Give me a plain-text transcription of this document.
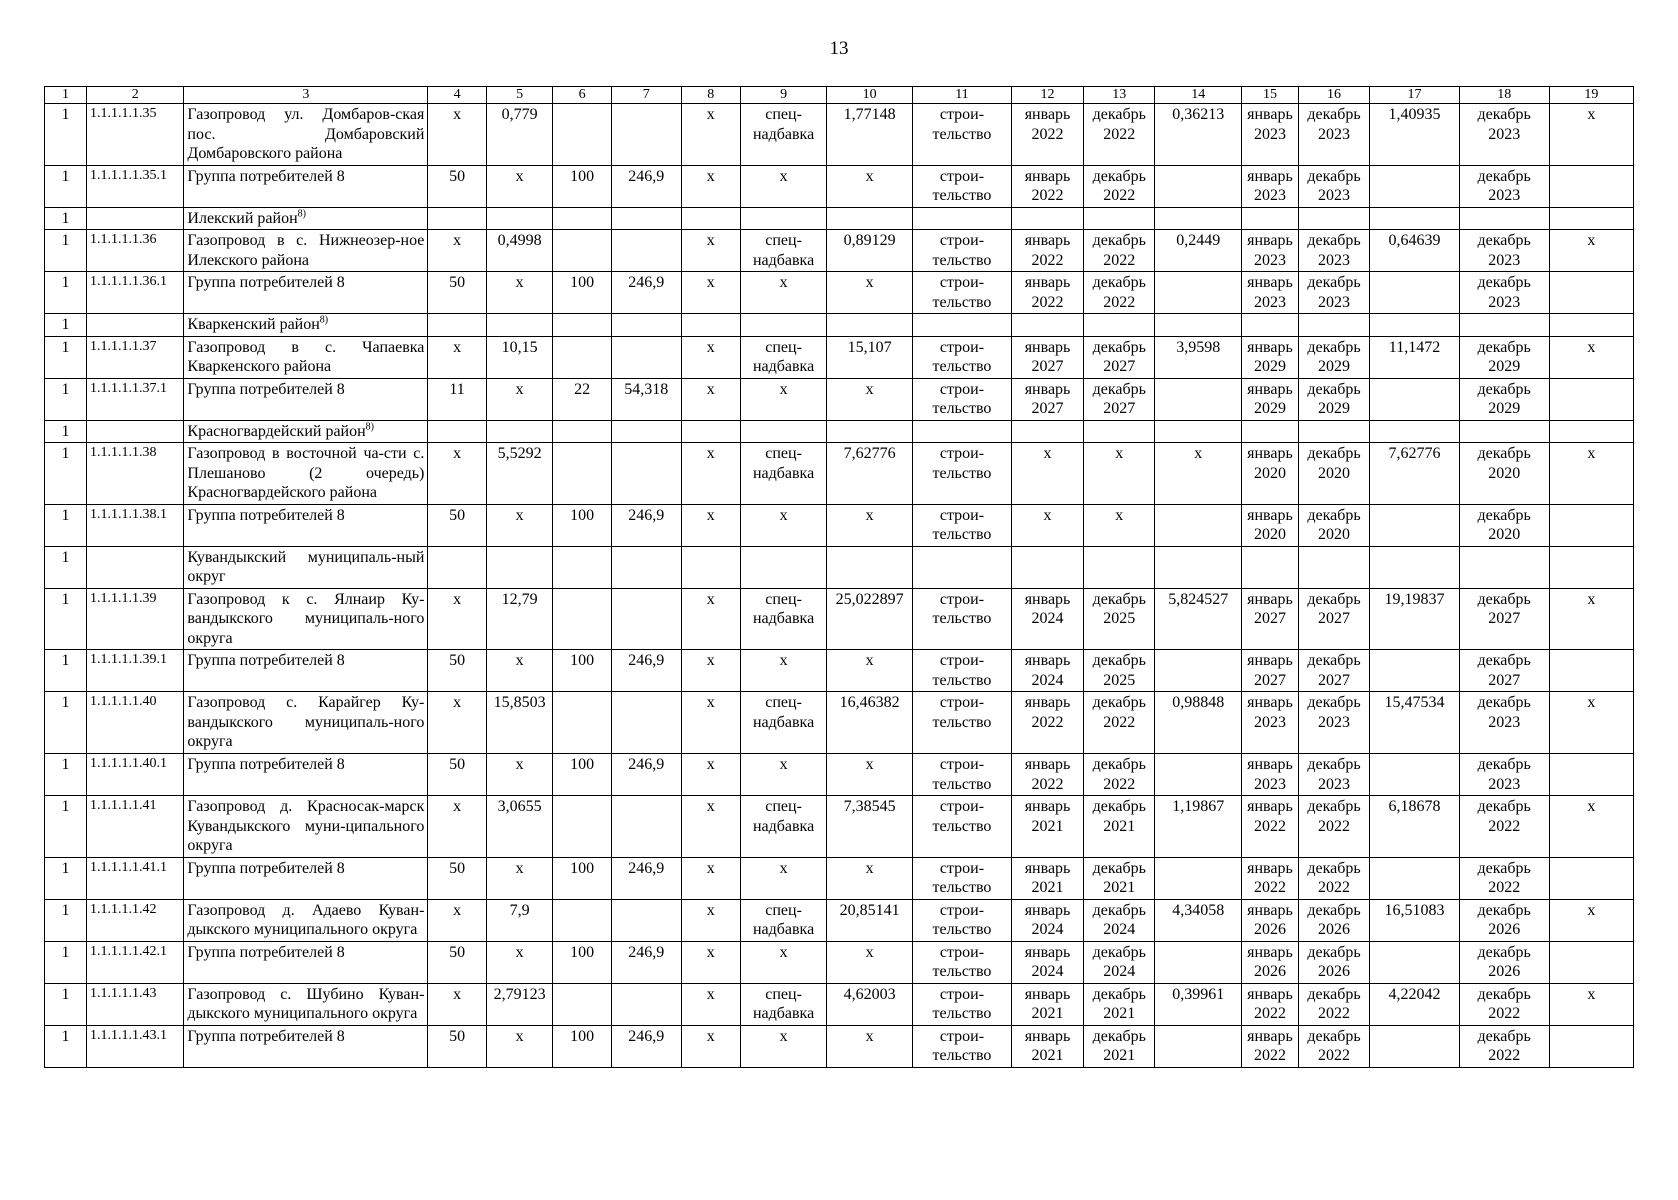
13
1	2	3	4	5	6	7	8	9	10	11	12	13	14	15	16	17	18	19
1	1.1.1.1.1.35	Газопровод ул. Домбаров-ская пос. Домбаровский Домбаровского района	х	0,779			х	спец-надбавка	1,77148	строи-тельство	январь 2022	декабрь 2022	0,36213	январь 2023	декабрь 2023	1,40935	декабрь 2023	х
1	1.1.1.1.1.35.1	Группа потребителей 8	50	х	100	246,9	х	х	х	строи-тельство	январь 2022	декабрь 2022		январь 2023	декабрь 2023		декабрь 2023	
1		Илекский район$^{8)}$																
1	1.1.1.1.1.36	Газопровод в с. Нижнеозер-ное Илекского района	х	0,4998			х	спец-надбавка	0,89129	строи-тельство	январь 2022	декабрь 2022	0,2449	январь 2023	декабрь 2023	0,64639	декабрь 2023	х
1	1.1.1.1.1.36.1	Группа потребителей 8	50	х	100	246,9	х	х	х	строи-тельство	январь 2022	декабрь 2022		январь 2023	декабрь 2023		декабрь 2023	
1		Кваркенский район$^{8)}$																
1	1.1.1.1.1.37	Газопровод в с. Чапаевка Кваркенского района	х	10,15			х	спец-надбавка	15,107	строи-тельство	январь 2027	декабрь 2027	3,9598	январь 2029	декабрь 2029	11,1472	декабрь 2029	х
1	1.1.1.1.1.37.1	Группа потребителей 8	11	х	22	54,318	х	х	х	строи-тельство	январь 2027	декабрь 2027		январь 2029	декабрь 2029		декабрь 2029	
1		Красногвардейский район$^{8)}$																
1	1.1.1.1.1.38	Газопровод в восточной ча-сти с. Плешаново (2 очередь) Красногвардейского района	х	5,5292			х	спец-надбавка	7,62776	строи-тельство	х	х	х	январь 2020	декабрь 2020	7,62776	декабрь 2020	х
1	1.1.1.1.1.38.1	Группа потребителей 8	50	х	100	246,9	х	х	х	строи-тельство	х	х		январь 2020	декабрь 2020		декабрь 2020	
1		Кувандыкский муниципаль-ный округ																
1	1.1.1.1.1.39	Газопровод к с. Ялнаир Ку-вандыкского муниципаль-ного округа	х	12,79			х	спец-надбавка	25,022897	строи-тельство	январь 2024	декабрь 2025	5,824527	январь 2027	декабрь 2027	19,19837	декабрь 2027	х
1	1.1.1.1.1.39.1	Группа потребителей 8	50	х	100	246,9	х	х	х	строи-тельство	январь 2024	декабрь 2025		январь 2027	декабрь 2027		декабрь 2027	
1	1.1.1.1.1.40	Газопровод с. Карайгер Ку-вандыкского муниципаль-ного округа	х	15,8503			х	спец-надбавка	16,46382	строи-тельство	январь 2022	декабрь 2022	0,98848	январь 2023	декабрь 2023	15,47534	декабрь 2023	х
1	1.1.1.1.1.40.1	Группа потребителей 8	50	х	100	246,9	х	х	х	строи-тельство	январь 2022	декабрь 2022		январь 2023	декабрь 2023		декабрь 2023	
1	1.1.1.1.1.41	Газопровод д. Красносак-марск Кувандыкского муни-ципального округа	х	3,0655			х	спец-надбавка	7,38545	строи-тельство	январь 2021	декабрь 2021	1,19867	январь 2022	декабрь 2022	6,18678	декабрь 2022	х
1	1.1.1.1.1.41.1	Группа потребителей 8	50	х	100	246,9	х	х	х	строи-тельство	январь 2021	декабрь 2021		январь 2022	декабрь 2022		декабрь 2022	
1	1.1.1.1.1.42	Газопровод д. Адаево Куван-дыкского муниципального округа	х	7,9			х	спец-надбавка	20,85141	строи-тельство	январь 2024	декабрь 2024	4,34058	январь 2026	декабрь 2026	16,51083	декабрь 2026	х
1	1.1.1.1.1.42.1	Группа потребителей 8	50	х	100	246,9	х	х	х	строи-тельство	январь 2024	декабрь 2024		январь 2026	декабрь 2026		декабрь 2026	
1	1.1.1.1.1.43	Газопровод с. Шубино Куван-дыкского муниципального округа	х	2,79123			х	спец-надбавка	4,62003	строи-тельство	январь 2021	декабрь 2021	0,39961	январь 2022	декабрь 2022	4,22042	декабрь 2022	х
1	1.1.1.1.1.43.1	Группа потребителей 8	50	х	100	246,9	х	х	х	строи-тельство	январь 2021	декабрь 2021		январь 2022	декабрь 2022		декабрь 2022	
